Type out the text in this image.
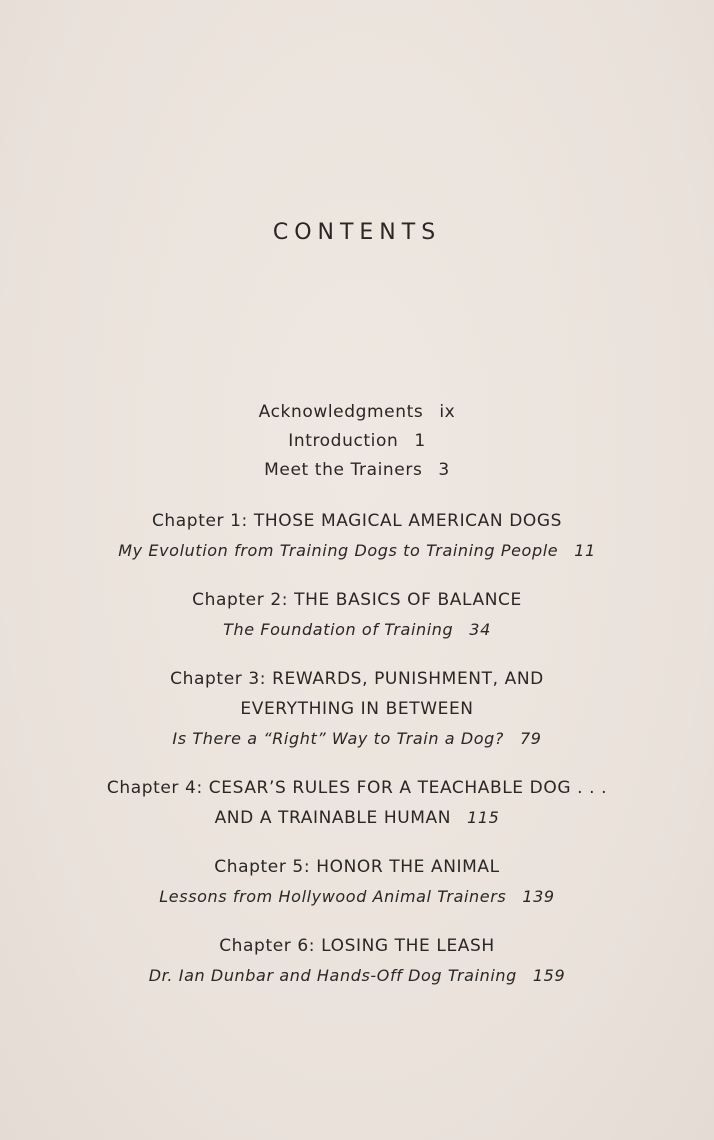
CONTENTS
Acknowledgments ix
Introduction 1
Meet the Trainers 3
Chapter 1: THOSE MAGICAL AMERICAN DOGS
My Evolution from Training Dogs to Training People 11
Chapter 2: THE BASICS OF BALANCE
The Foundation of Training 34
Chapter 3: REWARDS, PUNISHMENT, AND
EVERYTHING IN BETWEEN
Is There a “Right” Way to Train a Dog? 79
Chapter 4: CESAR’S RULES FOR A TEACHABLE DOG . . .
AND A TRAINABLE HUMAN 115
Chapter 5: HONOR THE ANIMAL
Lessons from Hollywood Animal Trainers 139
Chapter 6: LOSING THE LEASH
Dr. Ian Dunbar and Hands-Off Dog Training 159
